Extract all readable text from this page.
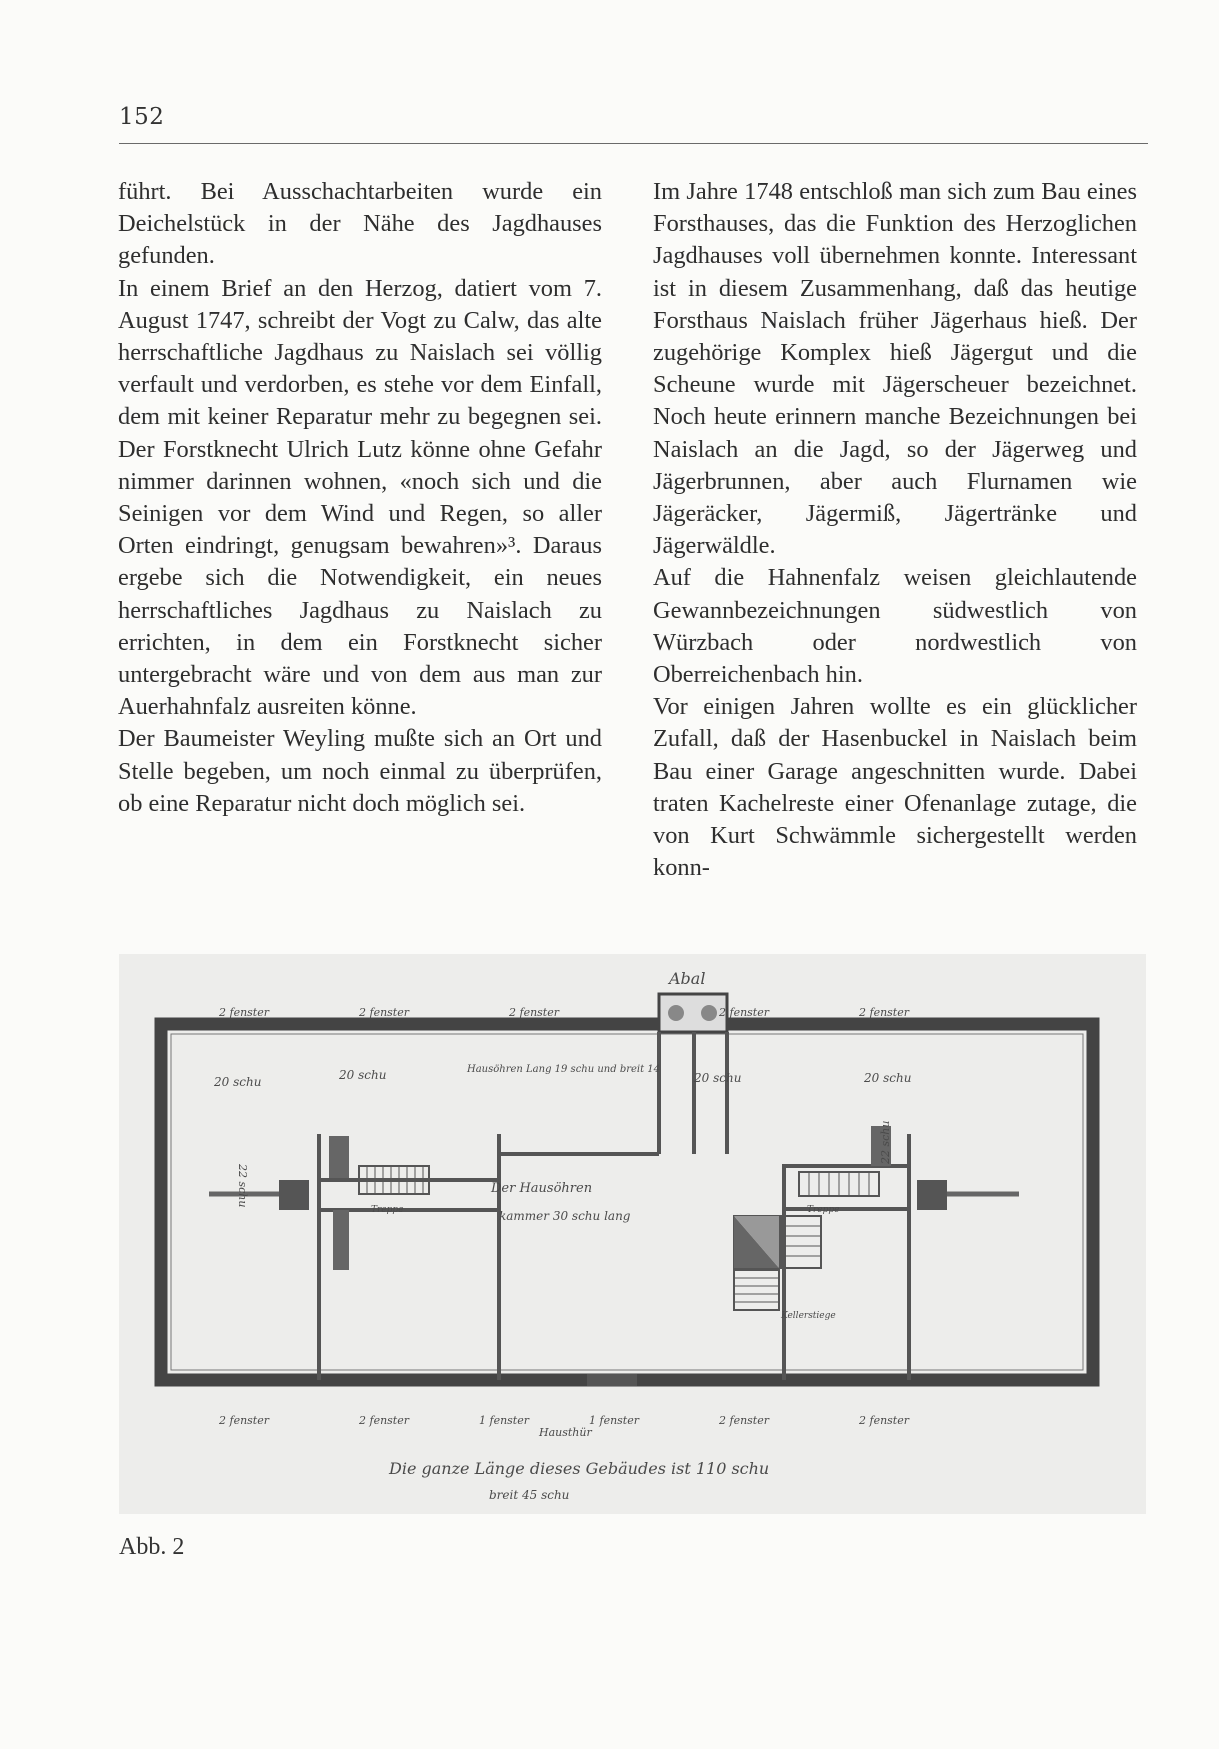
152

führt. Bei Ausschachtarbeiten wurde ein Deichelstück in der Nähe des Jagdhauses gefunden.

In einem Brief an den Herzog, datiert vom 7. August 1747, schreibt der Vogt zu Calw, das alte herrschaftliche Jagdhaus zu Naislach sei völlig verfault und verdorben, es stehe vor dem Einfall, dem mit keiner Reparatur mehr zu begegnen sei. Der Forstknecht Ulrich Lutz könne ohne Gefahr nimmer darinnen wohnen, «noch sich und die Seinigen vor dem Wind und Regen, so aller Orten eindringt, genugsam bewahren»³. Daraus ergebe sich die Notwendigkeit, ein neues herrschaftliches Jagdhaus zu Naislach zu errichten, in dem ein Forstknecht sicher untergebracht wäre und von dem aus man zur Auerhahnfalz ausreiten könne.

Der Baumeister Weyling mußte sich an Ort und Stelle begeben, um noch einmal zu überprüfen, ob eine Reparatur nicht doch möglich sei.

Im Jahre 1748 entschloß man sich zum Bau eines Forsthauses, das die Funktion des Herzoglichen Jagdhauses voll übernehmen konnte. Interessant ist in diesem Zusammenhang, daß das heutige Forsthaus Naislach früher Jägerhaus hieß. Der zugehörige Komplex hieß Jägergut und die Scheune wurde mit Jägerscheuer bezeichnet. Noch heute erinnern manche Bezeichnungen bei Naislach an die Jagd, so der Jägerweg und Jägerbrunnen, aber auch Flurnamen wie Jägeräcker, Jägermiß, Jägertränke und Jägerwäldle.

Auf die Hahnenfalz weisen gleichlautende Gewannbezeichnungen südwestlich von Würzbach oder nordwestlich von Oberreichenbach hin.

Vor einigen Jahren wollte es ein glücklicher Zufall, daß der Hasenbuckel in Naislach beim Bau einer Garage angeschnitten wurde. Dabei traten Kachelreste einer Ofenanlage zutage, die von Kurt Schwämmle sichergestellt werden konn-

Abal
2 fenster	2 fenster	2 fenster	2 fenster	2 fenster
20 schu	20 schu	20 schu	20 schu
22 schu
22 schu
Hausöhren Lang 19 schu und breit 14
Der Hausöhren
kammer 30 schu lang
Treppe	Treppe
Kellerstiege
2 fenster	2 fenster	1 fenster	1 fenster	2 fenster	2 fenster
Hausthür
Die ganze Länge dieses Gebäudes ist 110 schu
breit 45 schu
Abb. 2
